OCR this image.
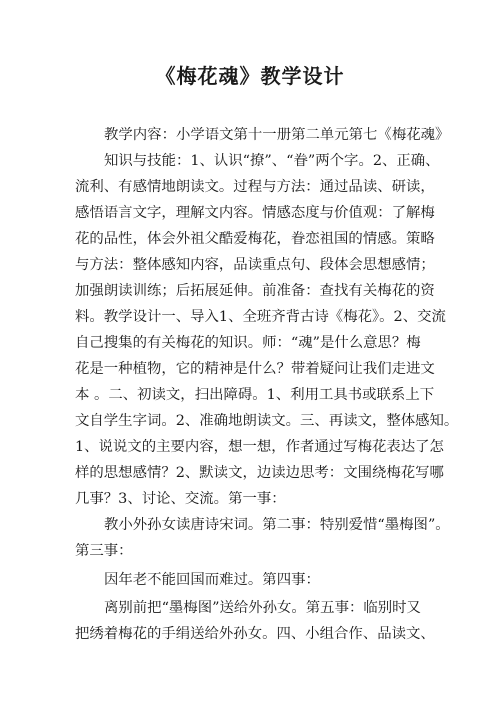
《梅花魂》教学设计
教学内容：小学语文第十一册第二单元第七《梅花魂》
知识与技能：1、认识“撩”、“眷”两个字。2、正确、
流利、有感情地朗读文。过程与方法：通过品读、研读，
感悟语言文字，理解文内容。情感态度与价值观：了解梅
花的品性，体会外祖父酷爱梅花，眷恋祖国的情感。策略
与方法：整体感知内容，品读重点句、段体会思想感情；
加强朗读训练；后拓展延伸。前准备：查找有关梅花的资
料。教学设计一、导入1、全班齐背古诗《梅花》。2、交流
自己搜集的有关梅花的知识。师：“魂”是什么意思？梅
花是一种植物，它的精神是什么？带着疑问让我们走进文
本 。二、初读文，扫出障碍。1、利用工具书或联系上下
文自学生字词。2、准确地朗读文。三、再读文，整体感知。
1、说说文的主要内容，想一想，作者通过写梅花表达了怎
样的思想感情？2、默读文，边读边思考：文围绕梅花写哪
几事？3、讨论、交流。第一事：
教小外孙女读唐诗宋词。第二事：特别爱惜“墨梅图”。
第三事：
因年老不能回国而难过。第四事：
离别前把“墨梅图”送给外孙女。第五事：临别时又
把绣着梅花的手绢送给外孙女。四、小组合作、品读文、
